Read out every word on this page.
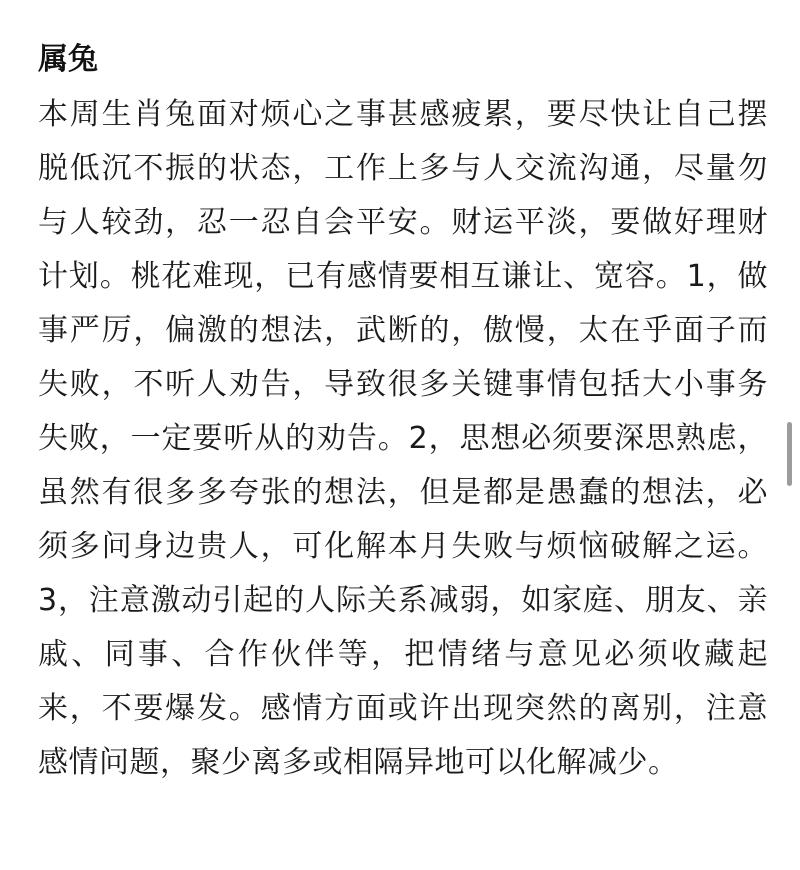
属兔

本周生肖兔面对烦心之事甚感疲累，要尽快让自己摆脱低沉不振的状态，工作上多与人交流沟通，尽量勿与人较劲，忍一忍自会平安。财运平淡，要做好理财计划。桃花难现，已有感情要相互谦让、宽容。1，做事严厉，偏激的想法，武断的，傲慢，太在乎面子而失败，不听人劝告，导致很多关键事情包括大小事务失败，一定要听从的劝告。2，思想必须要深思熟虑，虽然有很多多夸张的想法，但是都是愚蠢的想法，必须多问身边贵人，可化解本月失败与烦恼破解之运。3，注意激动引起的人际关系减弱，如家庭、朋友、亲戚、同事、合作伙伴等，把情绪与意见必须收藏起来，不要爆发。感情方面或许出现突然的离别，注意感情问题，聚少离多或相隔异地可以化解减少。
